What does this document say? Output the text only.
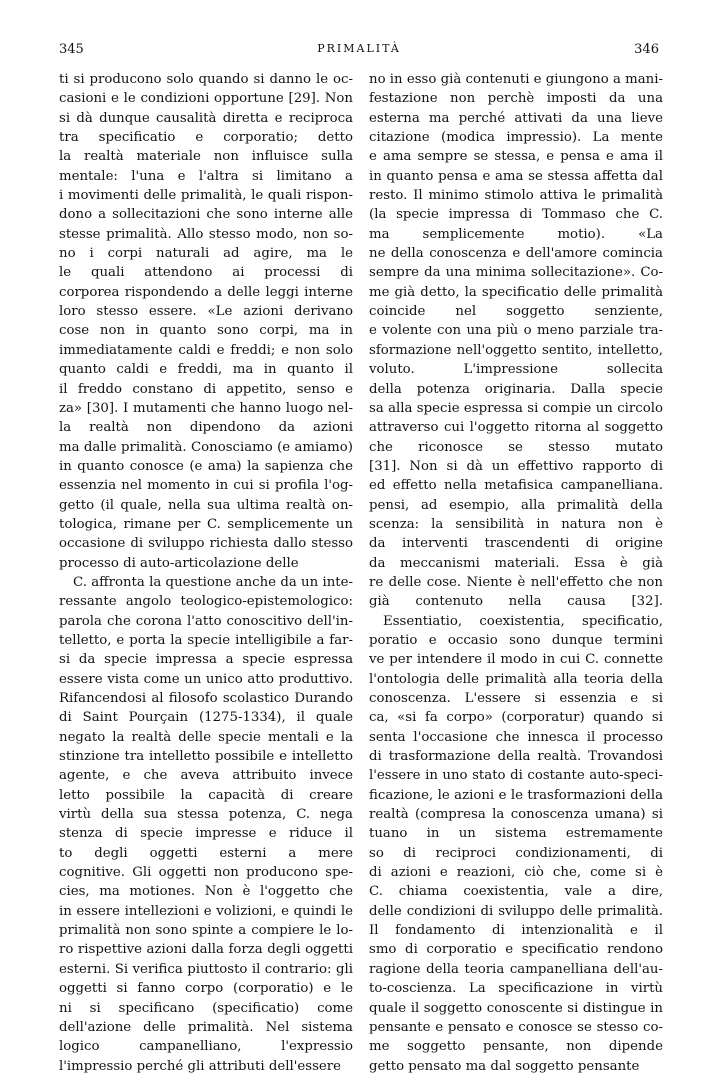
345	PRIMALITÀ	346
ti si producono solo quando si danno le oc-
casioni e le condizioni opportune [29]. Non
si dà dunque causalità diretta e reciproca
tra specificatio e corporatio; detto
la realtà materiale non influisce sulla
mentale: l'una e l'altra si limitano a
i movimenti delle primalità, le quali rispon-
dono a sollecitazioni che sono interne alle
stesse primalità. Allo stesso modo, non so-
no i corpi naturali ad agire, ma le
le quali attendono ai processi di
corporea rispondendo a delle leggi interne
loro stesso essere. «Le azioni derivano
cose non in quanto sono corpi, ma in
immediatamente caldi e freddi; e non solo
quanto caldi e freddi, ma in quanto il
il freddo constano di appetito, senso e
za» [30]. I mutamenti che hanno luogo nel-
la realtà non dipendono da azioni
ma dalle primalità. Conosciamo (e amiamo)
in quanto conosce (e ama) la sapienza che
essenzia nel momento in cui si profila l'og-
getto (il quale, nella sua ultima realtà on-
tologica, rimane per C. semplicemente un
occasione di sviluppo richiesta dallo stesso
processo di auto-articolazione delle
C. affronta la questione anche da un inte-
ressante angolo teologico-epistemologico:
parola che corona l'atto conoscitivo dell'in-
telletto, e porta la specie intelligibile a far-
si da specie impressa a specie espressa
essere vista come un unico atto produttivo.
Rifancendosi al filosofo scolastico Durando
di Saint Pourçain (1275-1334), il quale
negato la realtà delle specie mentali e la
stinzione tra intelletto possibile e intelletto
agente, e che aveva attribuito invece
letto possibile la capacità di creare
virtù della sua stessa potenza, C. nega
stenza di specie impresse e riduce il
to degli oggetti esterni a mere
cognitive. Gli oggetti non producono spe-
cies, ma motiones. Non è l'oggetto che
in essere intellezioni e volizioni, e quindi le
primalità non sono spinte a compiere le lo-
ro rispettive azioni dalla forza degli oggetti
esterni. Si verifica piuttosto il contrario: gli
oggetti si fanno corpo (corporatio) e le
ni si specificano (specificatio) come
dell'azione delle primalità. Nel sistema
logico campanelliano, l'expressio
l'impressio perché gli attributi dell'essere
no in esso già contenuti e giungono a mani-
festazione non perchè imposti da una
esterna ma perché attivati da una lieve
citazione (modica impressio). La mente
e ama sempre se stessa, e pensa e ama il
in quanto pensa e ama se stessa affetta dal
resto. Il minimo stimolo attiva le primalità
(la specie impressa di Tommaso che C.
ma semplicemente motio). «La
ne della conoscenza e dell'amore comincia
sempre da una minima sollecitazione». Co-
me già detto, la specificatio delle primalità
coincide nel soggetto senziente,
e volente con una più o meno parziale tra-
sformazione nell'oggetto sentito, intelletto,
voluto. L'impressione sollecita
della potenza originaria. Dalla specie
sa alla specie espressa si compie un circolo
attraverso cui l'oggetto ritorna al soggetto
che riconosce se stesso mutato
[31]. Non si dà un effettivo rapporto di
ed effetto nella metafisica campanelliana.
pensi, ad esempio, alla primalità della
scenza: la sensibilità in natura non è
da interventi trascendenti di origine
da meccanismi materiali. Essa è già
re delle cose. Niente è nell'effetto che non
già contenuto nella causa [32].
Essentiatio, coexistentia, specificatio,
poratio e occasio sono dunque termini
ve per intendere il modo in cui C. connette
l'ontologia delle primalità alla teoria della
conoscenza. L'essere si essenzia e si
ca, «si fa corpo» (corporatur) quando si
senta l'occasione che innesca il processo
di trasformazione della realtà. Trovandosi
l'essere in uno stato di costante auto-speci-
ficazione, le azioni e le trasformazioni della
realtà (compresa la conoscenza umana) si
tuano in un sistema estremamente
so di reciproci condizionamenti, di
di azioni e reazioni, ciò che, come si è
C. chiama coexistentia, vale a dire,
delle condizioni di sviluppo delle primalità.
Il fondamento di intenzionalità e il
smo di corporatio e specificatio rendono
ragione della teoria campanelliana dell'au-
to-coscienza. La specificazione in virtù
quale il soggetto conoscente si distingue in
pensante e pensato e conosce se stesso co-
me soggetto pensante, non dipende
getto pensato ma dal soggetto pensante
